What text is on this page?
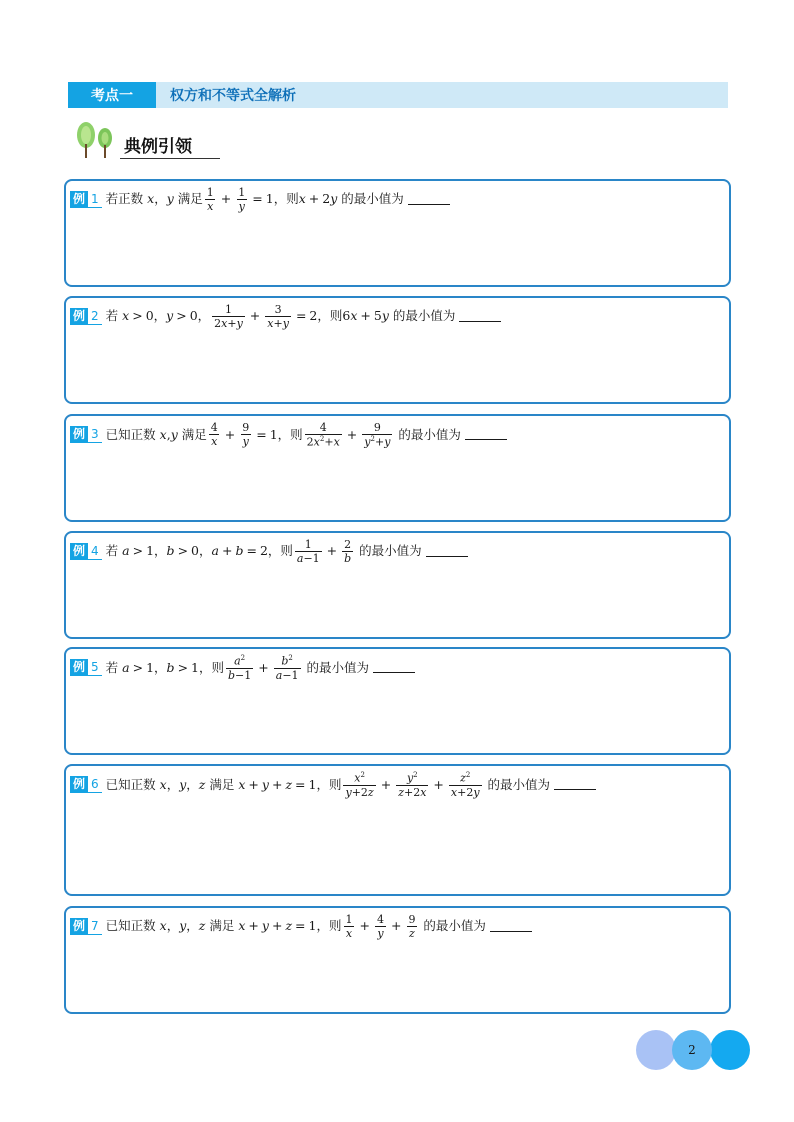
考点一	权方和不等式全解析
典例引领
例 1 若正数 x ， y 满足 $\frac{1}{x} + \frac{1}{y} = 1$，则 x + 2 y 的最小值为
例 2 若 x > 0， y > 0， $\frac{1}{2x+y} + \frac{3}{x+y} = 2$，则 6 x + 5 y 的最小值为
例 3 已知正数 x , y 满足 $\frac{4}{x} + \frac{9}{y} = 1$，则 $\frac{4}{2x^2+x} + \frac{9}{y^2+y}$ 的最小值为
例 4 若 a > 1， b > 0， a + b = 2，则 $\frac{1}{a-1} + \frac{2}{b}$ 的最小值为
例 5 若 a > 1， b > 1，则 $\frac{a^2}{b-1} + \frac{b^2}{a-1}$ 的最小值为
例 6 已知正数 x ， y ， z 满足 x + y + z = 1，则 $\frac{x^2}{y+2z} + \frac{y^2}{z+2x} + \frac{z^2}{x+2y}$ 的最小值为
例 7 已知正数 x ， y ， z 满足 x + y + z = 1，则 $\frac{1}{x} + \frac{4}{y} + \frac{9}{z}$ 的最小值为
2
